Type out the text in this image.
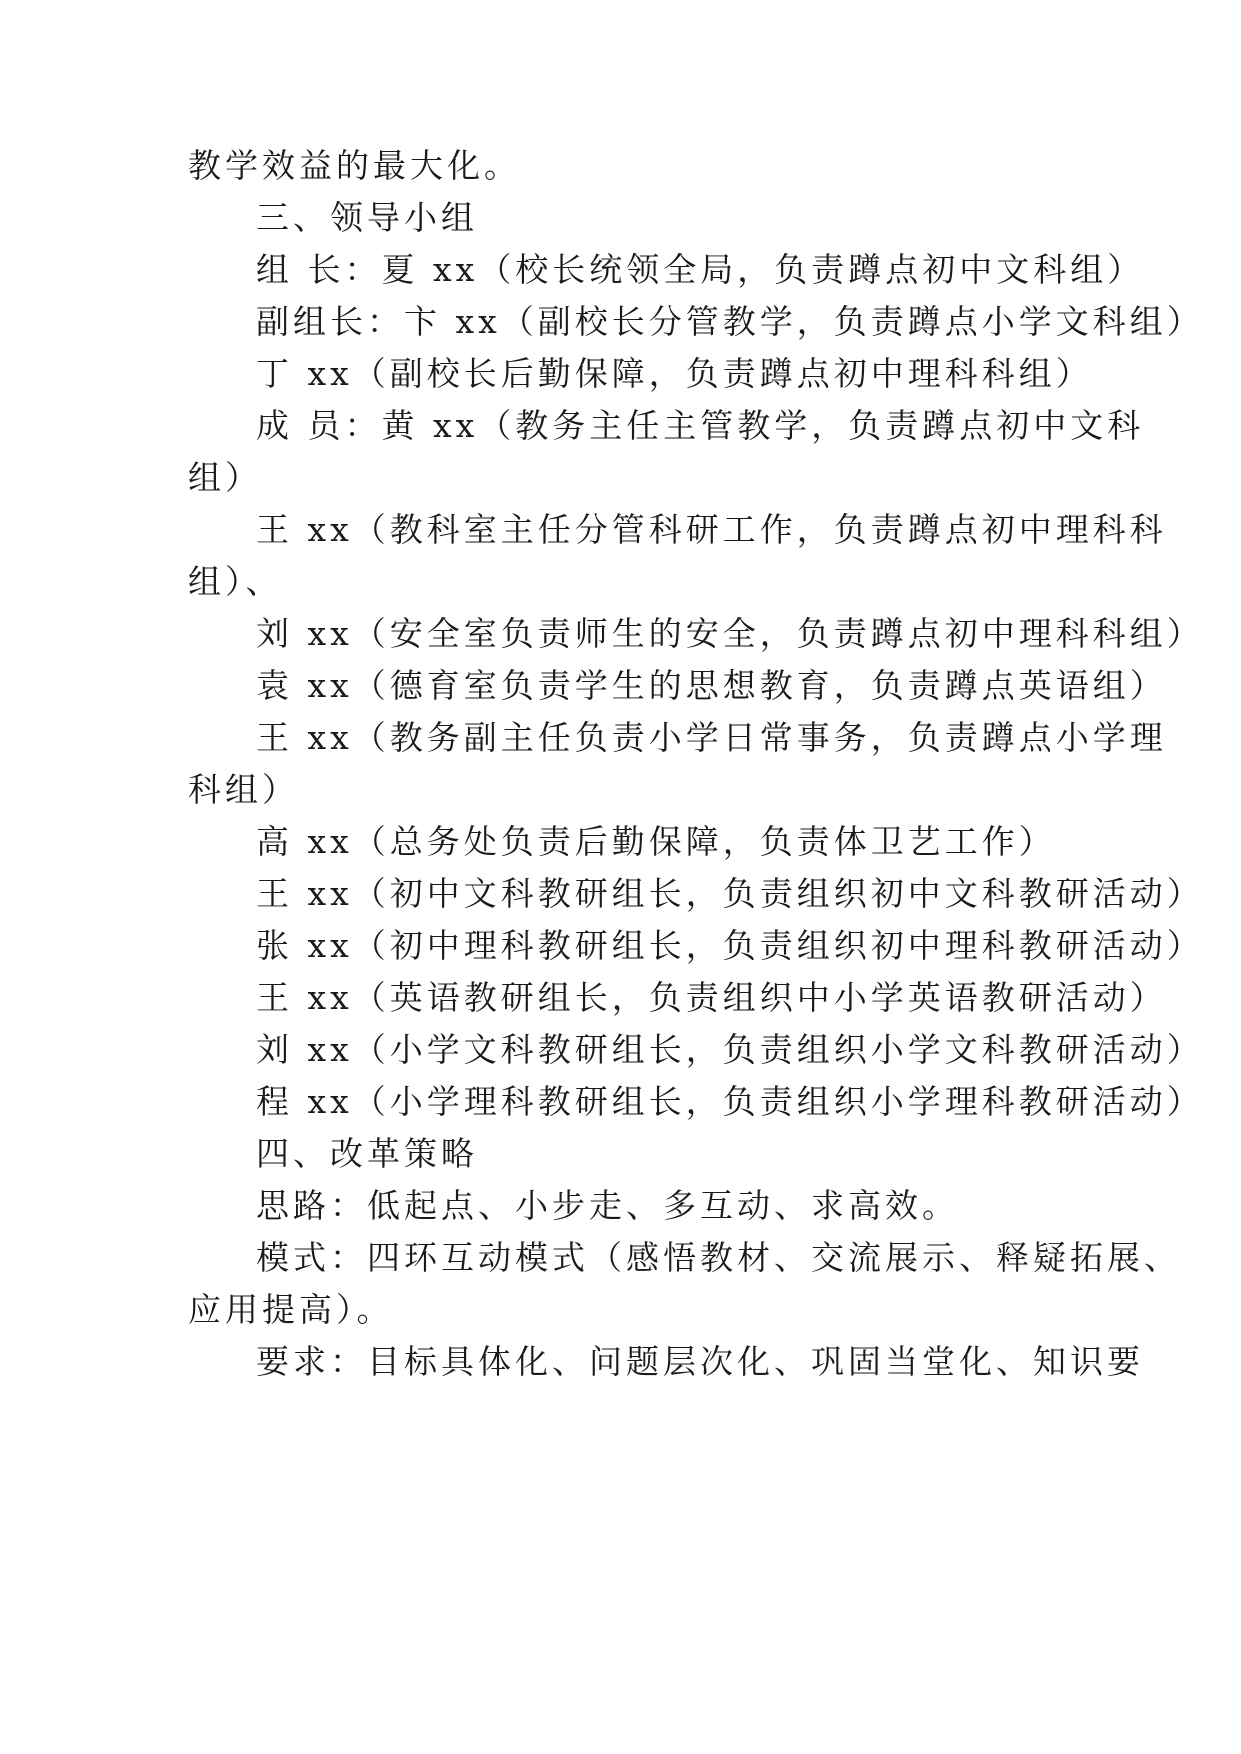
教学效益的最大化。
三、领导小组
组 长：夏 xx（校长统领全局，负责蹲点初中文科组）
副组长：卞 xx（副校长分管教学，负责蹲点小学文科组）
丁 xx（副校长后勤保障，负责蹲点初中理科科组）
成 员：黄 xx（教务主任主管教学，负责蹲点初中文科
组）
王 xx（教科室主任分管科研工作，负责蹲点初中理科科
组）、
刘 xx（安全室负责师生的安全，负责蹲点初中理科科组）
袁 xx（德育室负责学生的思想教育，负责蹲点英语组）
王 xx（教务副主任负责小学日常事务，负责蹲点小学理
科组）
高 xx（总务处负责后勤保障，负责体卫艺工作）
王 xx（初中文科教研组长，负责组织初中文科教研活动）
张 xx（初中理科教研组长，负责组织初中理科教研活动）
王 xx（英语教研组长，负责组织中小学英语教研活动）
刘 xx（小学文科教研组长，负责组织小学文科教研活动）
程 xx（小学理科教研组长，负责组织小学理科教研活动）
四、改革策略
思路：低起点、小步走、多互动、求高效。
模式：四环互动模式（感悟教材、交流展示、释疑拓展、
应用提高）。
要求：目标具体化、问题层次化、巩固当堂化、知识要
